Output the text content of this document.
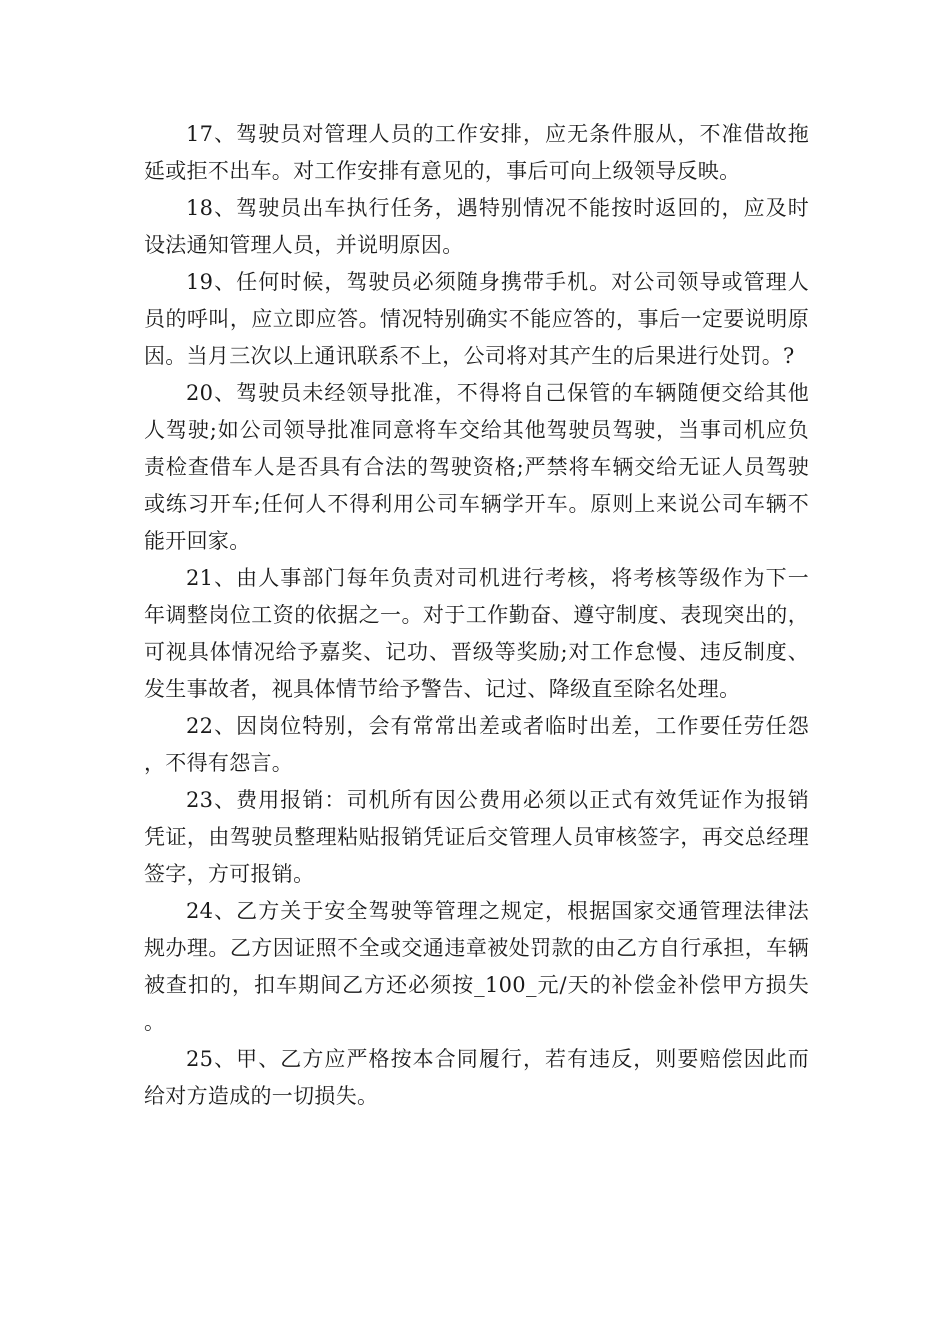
17、驾驶员对管理人员的工作安排，应无条件服从，不准借故拖延或拒不出车。对工作安排有意见的，事后可向上级领导反映。

18、驾驶员出车执行任务，遇特别情况不能按时返回的，应及时设法通知管理人员，并说明原因。

19、任何时候，驾驶员必须随身携带手机。对公司领导或管理人员的呼叫，应立即应答。情况特别确实不能应答的，事后一定要说明原因。当月三次以上通讯联系不上，公司将对其产生的后果进行处罚。?

20、驾驶员未经领导批准，不得将自己保管的车辆随便交给其他人驾驶;如公司领导批准同意将车交给其他驾驶员驾驶，当事司机应负责检查借车人是否具有合法的驾驶资格;严禁将车辆交给无证人员驾驶或练习开车;任何人不得利用公司车辆学开车。原则上来说公司车辆不能开回家。

21、由人事部门每年负责对司机进行考核，将考核等级作为下一年调整岗位工资的依据之一。对于工作勤奋、遵守制度、表现突出的，可视具体情况给予嘉奖、记功、晋级等奖励;对工作怠慢、违反制度、发生事故者，视具体情节给予警告、记过、降级直至除名处理。

22、因岗位特别，会有常常出差或者临时出差，工作要任劳任怨，不得有怨言。

23、费用报销：司机所有因公费用必须以正式有效凭证作为报销凭证，由驾驶员整理粘贴报销凭证后交管理人员审核签字，再交总经理签字，方可报销。

24、乙方关于安全驾驶等管理之规定，根据国家交通管理法律法规办理。乙方因证照不全或交通违章被处罚款的由乙方自行承担，车辆被查扣的，扣车期间乙方还必须按_100_元/天的补偿金补偿甲方损失。

25、甲、乙方应严格按本合同履行，若有违反，则要赔偿因此而给对方造成的一切损失。
